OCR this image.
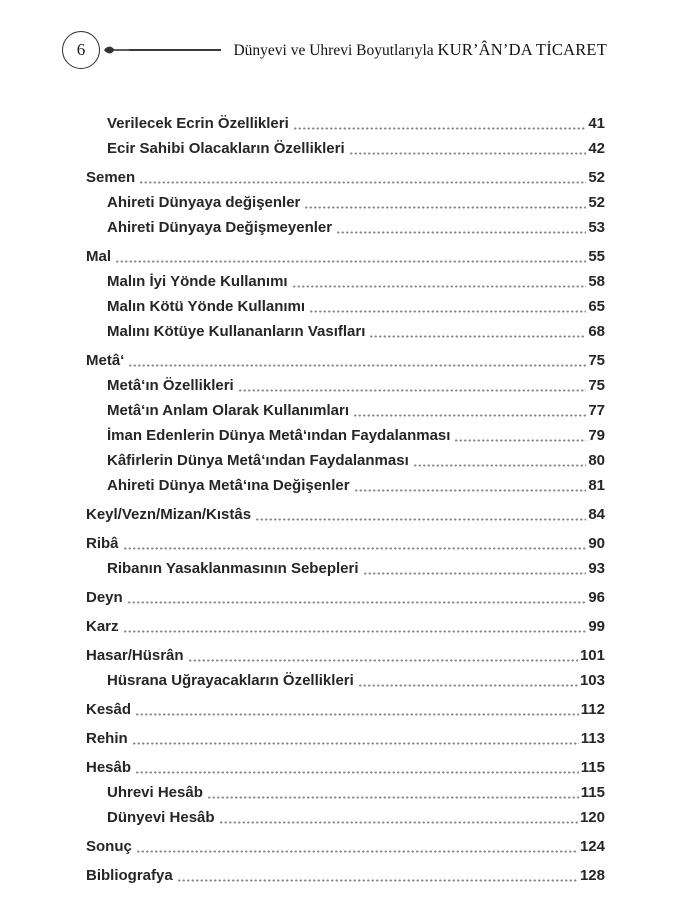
6	Dünyevi ve Uhrevi Boyutlarıyla KUR’ÂN’DA TİCARET
Verilecek Ecrin Özellikleri	41
Ecir Sahibi Olacakların Özellikleri	42
Semen	52
Ahireti Dünyaya değişenler	52
Ahireti Dünyaya Değişmeyenler	53
Mal	55
Malın İyi Yönde Kullanımı	58
Malın Kötü Yönde Kullanımı	65
Malını Kötüye Kullananların Vasıfları	68
Metâ‘	75
Metâ‘ın Özellikleri	75
Metâ‘ın Anlam Olarak Kullanımları	77
İman Edenlerin Dünya Metâ‘ından Faydalanması	79
Kâfirlerin Dünya Metâ‘ından Faydalanması	80
Ahireti Dünya Metâ‘ına Değişenler	81
Keyl/Vezn/Mizan/Kıstâs	84
Ribâ	90
Ribanın Yasaklanmasının Sebepleri	93
Deyn	96
Karz	99
Hasar/Hüsrân	101
Hüsrana Uğrayacakların Özellikleri	103
Kesâd	112
Rehin	113
Hesâb	115
Uhrevi Hesâb	115
Dünyevi Hesâb	120
Sonuç	124
Bibliografya	128
